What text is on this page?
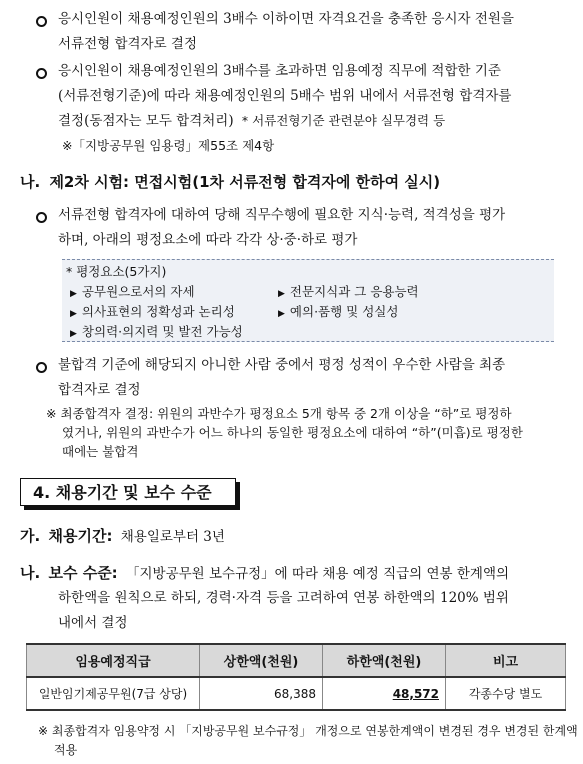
응시인원이 채용예정인원의 3배수 이하이면 자격요건을 충족한 응시자 전원을
서류전형 합격자로 결정
응시인원이 채용예정인원의 3배수를 초과하면 임용예정 직무에 적합한 기준
(서류전형기준)에 따라 채용예정인원의 5배수 범위 내에서 서류전형 합격자를
결정(동점자는 모두 합격처리) * 서류전형기준 관련분야 실무경력 등
※「지방공무원 임용령」제55조 제4항
나. 제2차 시험: 면접시험(1차 서류전형 합격자에 한하여 실시)
서류전형 합격자에 대하여 당해 직무수행에 필요한 지식·능력, 적격성을 평가
하며, 아래의 평정요소에 따라 각각 상·중·하로 평가
* 평정요소(5가지)
▶ 공무원으로서의 자세
▶ 의사표현의 정확성과 논리성
▶ 창의력·의지력 및 발전 가능성
▶ 전문지식과 그 응용능력
▶ 예의·품행 및 성실성
불합격 기준에 해당되지 아니한 사람 중에서 평정 성적이 우수한 사람을 최종
합격자로 결정
※ 최종합격자 결정: 위원의 과반수가 평정요소 5개 항목 중 2개 이상을 “하”로 평정하
였거나, 위원의 과반수가 어느 하나의 동일한 평정요소에 대하여 “하”(미흡)로 평정한
때에는 불합격
4. 채용기간 및 보수 수준
가. 채용기간: 채용일로부터 3년
나. 보수 수준: 「지방공무원 보수규정」에 따라 채용 예정 직급의 연봉 한계액의
하한액을 원칙으로 하되, 경력·자격 등을 고려하여 연봉 하한액의 120% 범위
내에서 결정
임용예정직급	상한액(천원)	하한액(천원)	비고
일반임기제공무원(7급 상당)	68,388	48,572	각종수당 별도
※ 최종합격자 임용약정 시 「지방공무원 보수규정」 개정으로 연봉한계액이 변경된 경우 변경된 한계액
적용
